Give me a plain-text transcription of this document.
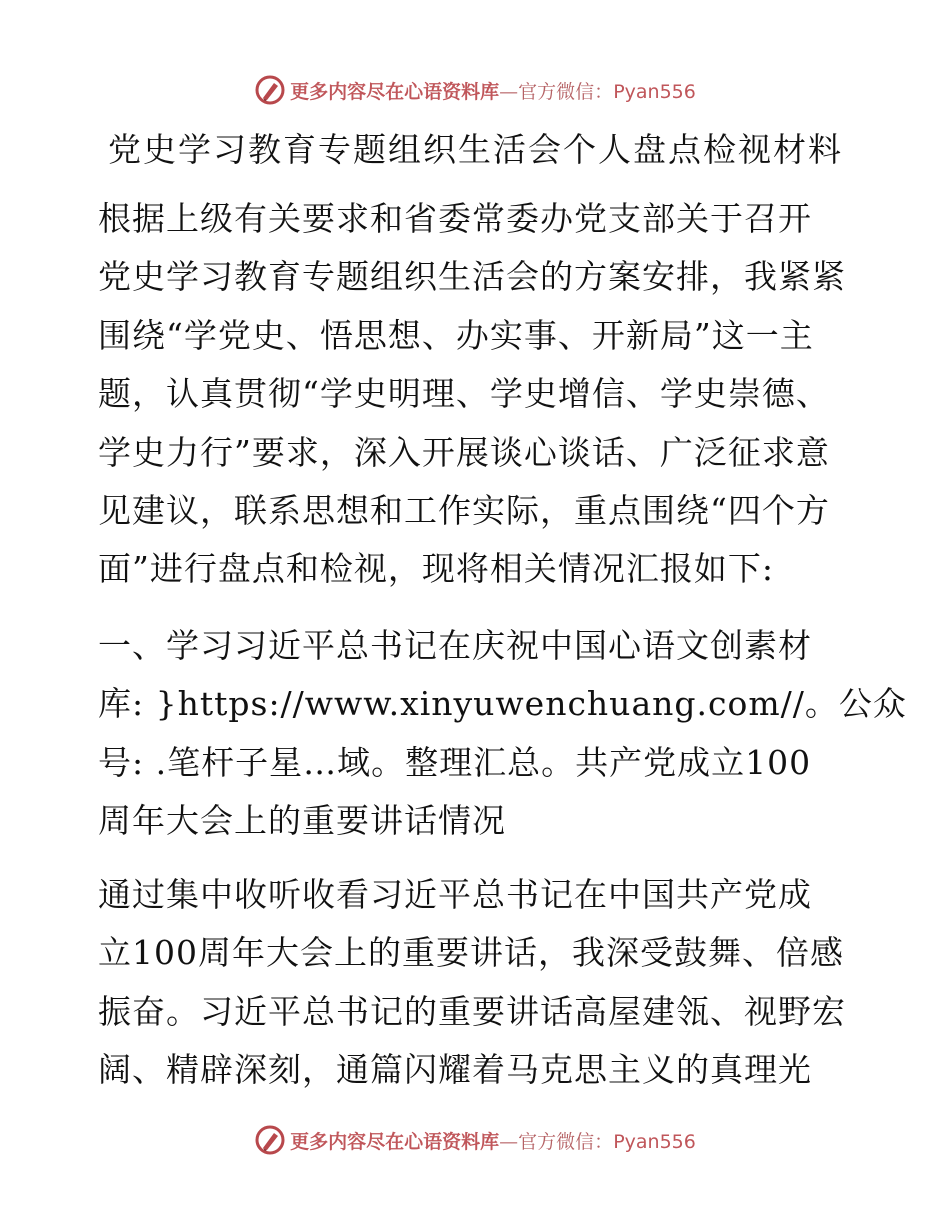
更多内容尽在心语资料库—官方微信：Pyan556
党史学习教育专题组织生活会个人盘点检视材料
根据上级有关要求和省委常委办党支部关于召开
党史学习教育专题组织生活会的方案安排，我紧紧
围绕“学党史、悟思想、办实事、开新局”这一主
题，认真贯彻“学史明理、学史增信、学史崇德、
学史力行”要求，深入开展谈心谈话、广泛征求意
见建议，联系思想和工作实际，重点围绕“四个方
面”进行盘点和检视，现将相关情况汇报如下:
一、学习习近平总书记在庆祝中国心语文创素材
库: }https://www.xinyuwenchuang.com//。公众
号: .笔杆子星…域。整理汇总。共产党成立100
周年大会上的重要讲话情况
通过集中收听收看习近平总书记在中国共产党成
立100周年大会上的重要讲话，我深受鼓舞、倍感
振奋。习近平总书记的重要讲话高屋建瓴、视野宏
阔、精辟深刻，通篇闪耀着马克思主义的真理光
更多内容尽在心语资料库—官方微信：Pyan556
